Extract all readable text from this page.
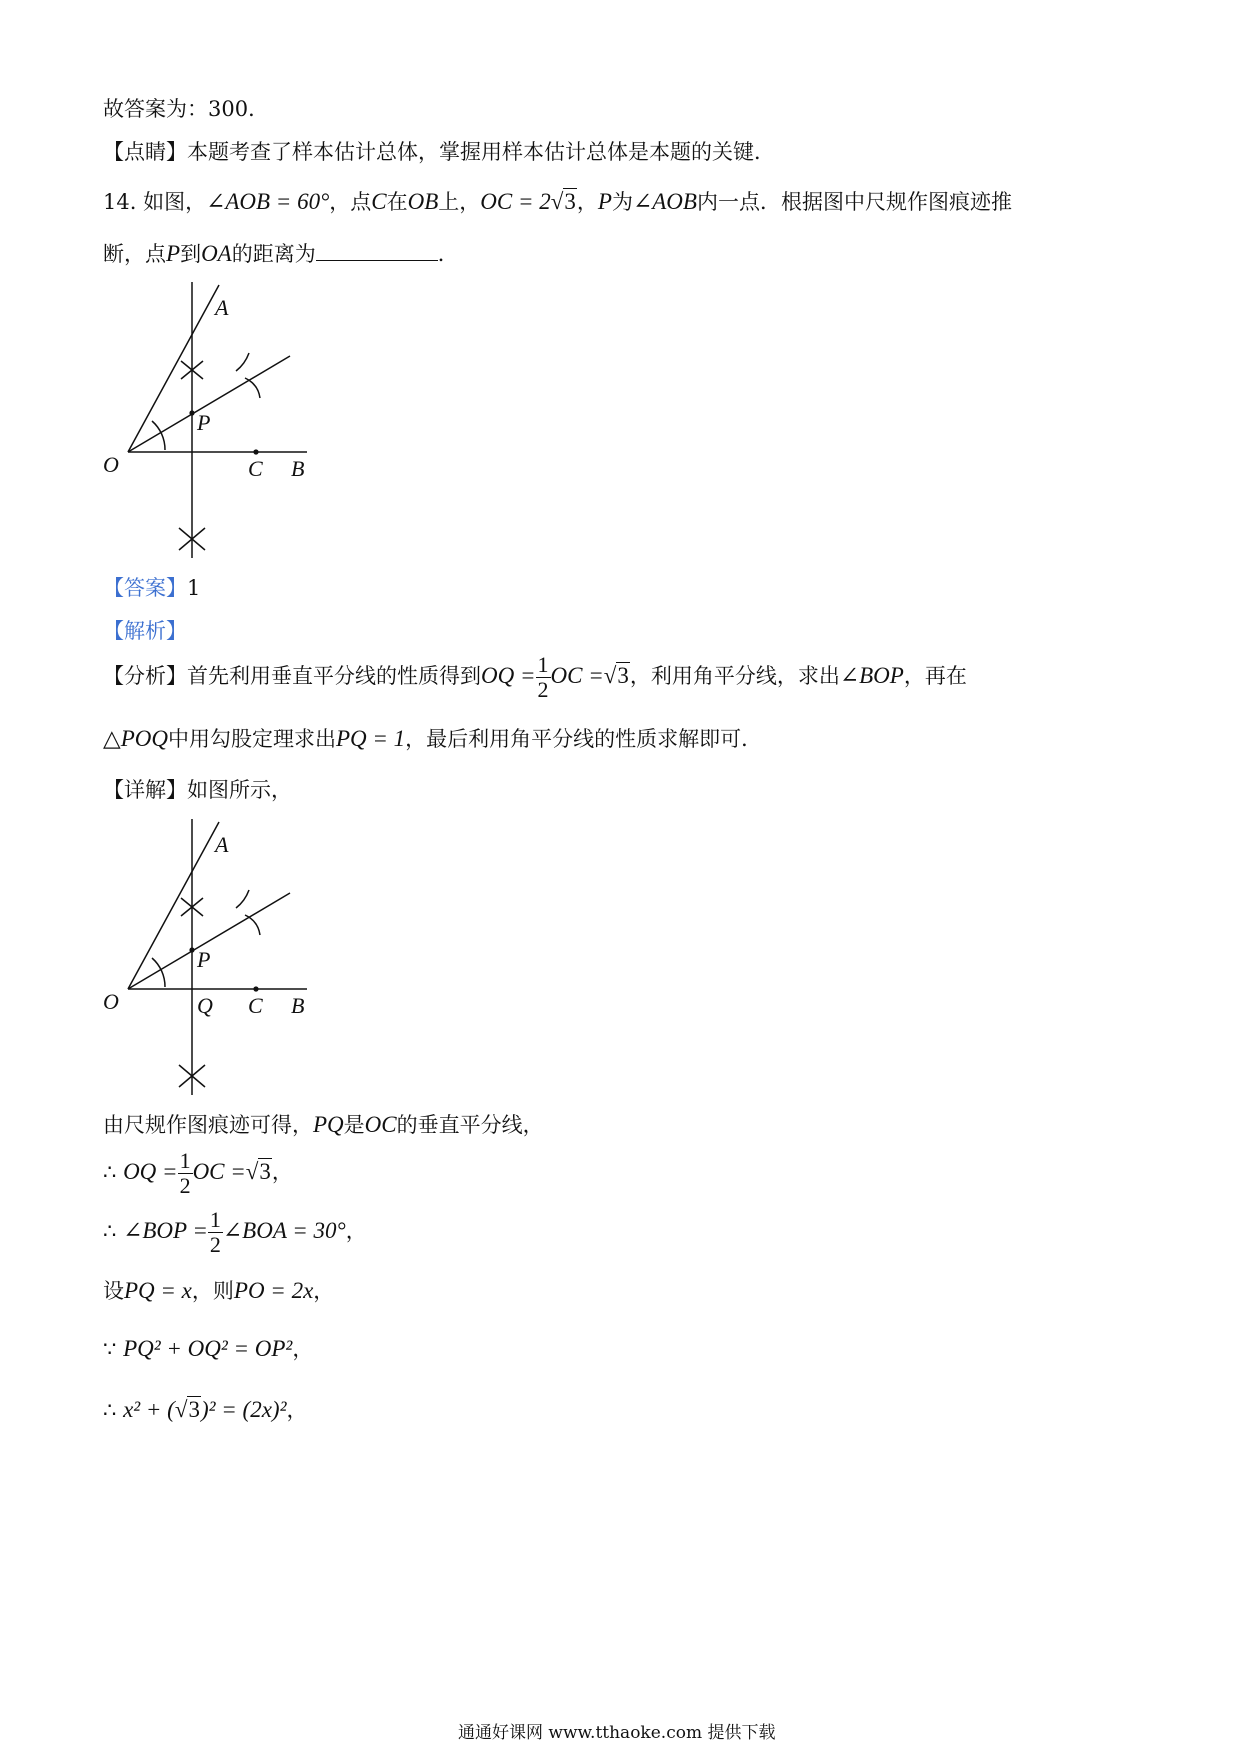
故答案为：300．
【点睛】本题考查了样本估计总体，掌握用样本估计总体是本题的关键．
14. 如图，∠AOB = 60°，点C在OB上，OC = 2√3，P为∠AOB内一点．根据图中尺规作图痕迹推
断，点P到OA的距离为	．
A
P
O	C B
【答案】1
【解析】
【分析】首先利用垂直平分线的性质得到OQ = $\frac{1}{2}$ OC =√3，利用角平分线，求出∠BOP，再在
△POQ中用勾股定理求出PQ = 1，最后利用角平分线的性质求解即可．
【详解】如图所示，
A
P
O	Q C B
由尺规作图痕迹可得，PQ是OC的垂直平分线，
∴ OQ = $\frac{1}{2}$ OC =√3，
∴ ∠BOP = $\frac{1}{2}$ ∠BOA = 30°，
设PQ = x，则PO = 2x，
∵ PQ² + OQ² = OP²，
∴ x² + (√3)² = (2x)²，
通通好课网 www.tthaoke.com 提供下载
